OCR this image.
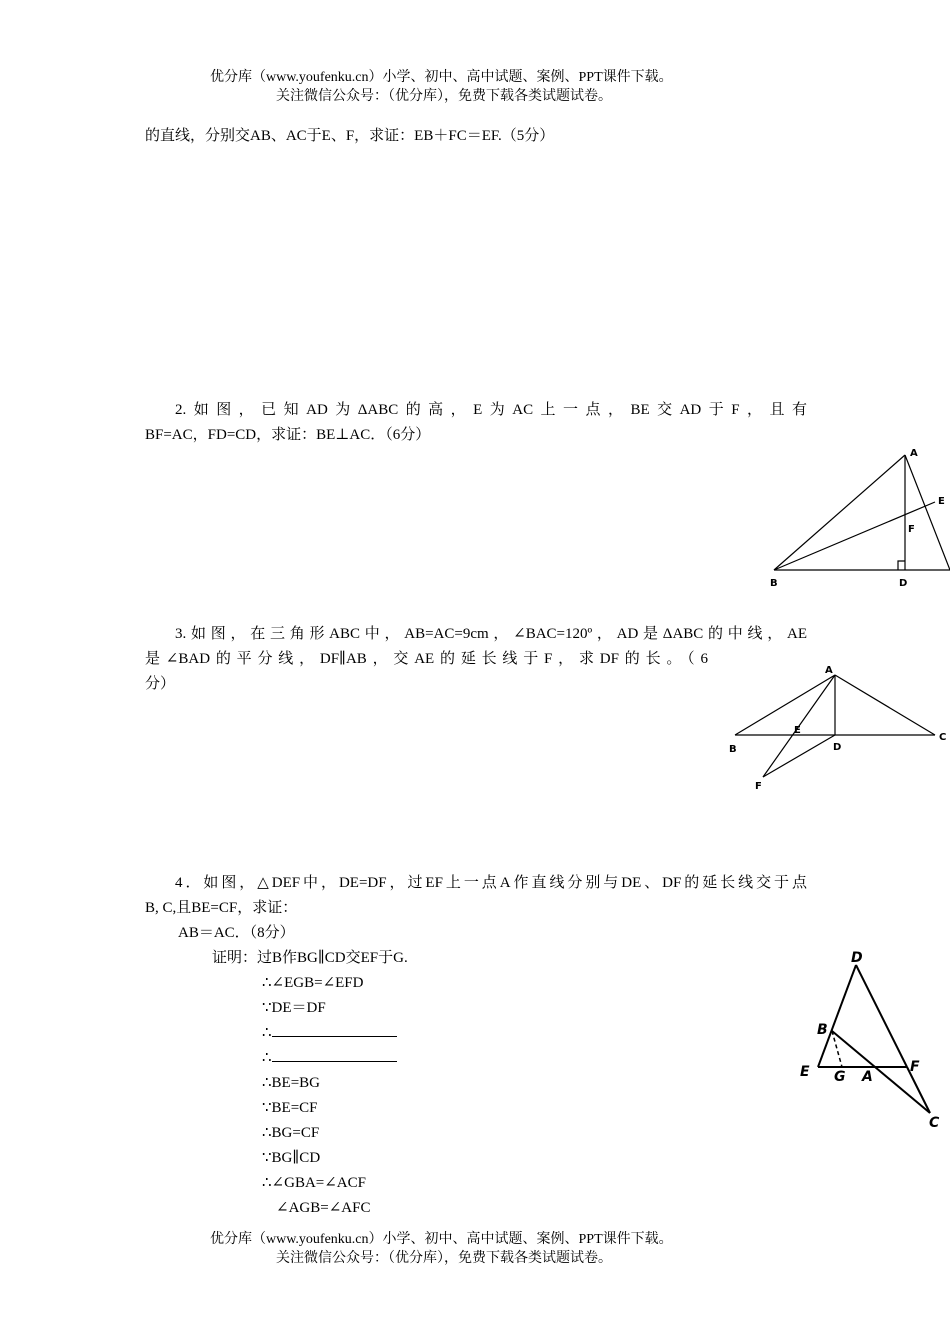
优分库（www.youfenku.cn）小学、初中、高中试题、案例、PPT课件下载。
关注微信公众号：（优分库），免费下载各类试题试卷。
的直线，分别交AB、AC于E、F，求证：EB＋FC＝EF.（5分）
2.如图，已知AD为ΔABC的高，E为AC上一点，BE交AD于F，且有
BF=AC，FD=CD，求证：BE⊥AC．（6分）
A
B	D
E
F
3.如图，在三角形ABC中，AB=AC=9cm，∠BAC=120º，AD是ΔABC的中线，AE
是∠BAD的平分线，DF∥AB，交AE的延长线于F，求DF的长。（6
分）
A
B
C
D
E
F
4．如图，△DEF中，DE=DF，过EF上一点A作直线分别与DE、DF的延长线交于点
B, C,且BE=CF，求证：
AB＝AC．（8分）
证明：过B作BG∥CD交EF于G.
∴∠EGB=∠EFD
∵DE＝DF
∴
∴
∴BE=BG
∵BE=CF
∴BG=CF
∵BG∥CD
∴∠GBA=∠ACF
∠AGB=∠AFC
D
B
E G A
F
C
优分库（www.youfenku.cn）小学、初中、高中试题、案例、PPT课件下载。
关注微信公众号：（优分库），免费下载各类试题试卷。
